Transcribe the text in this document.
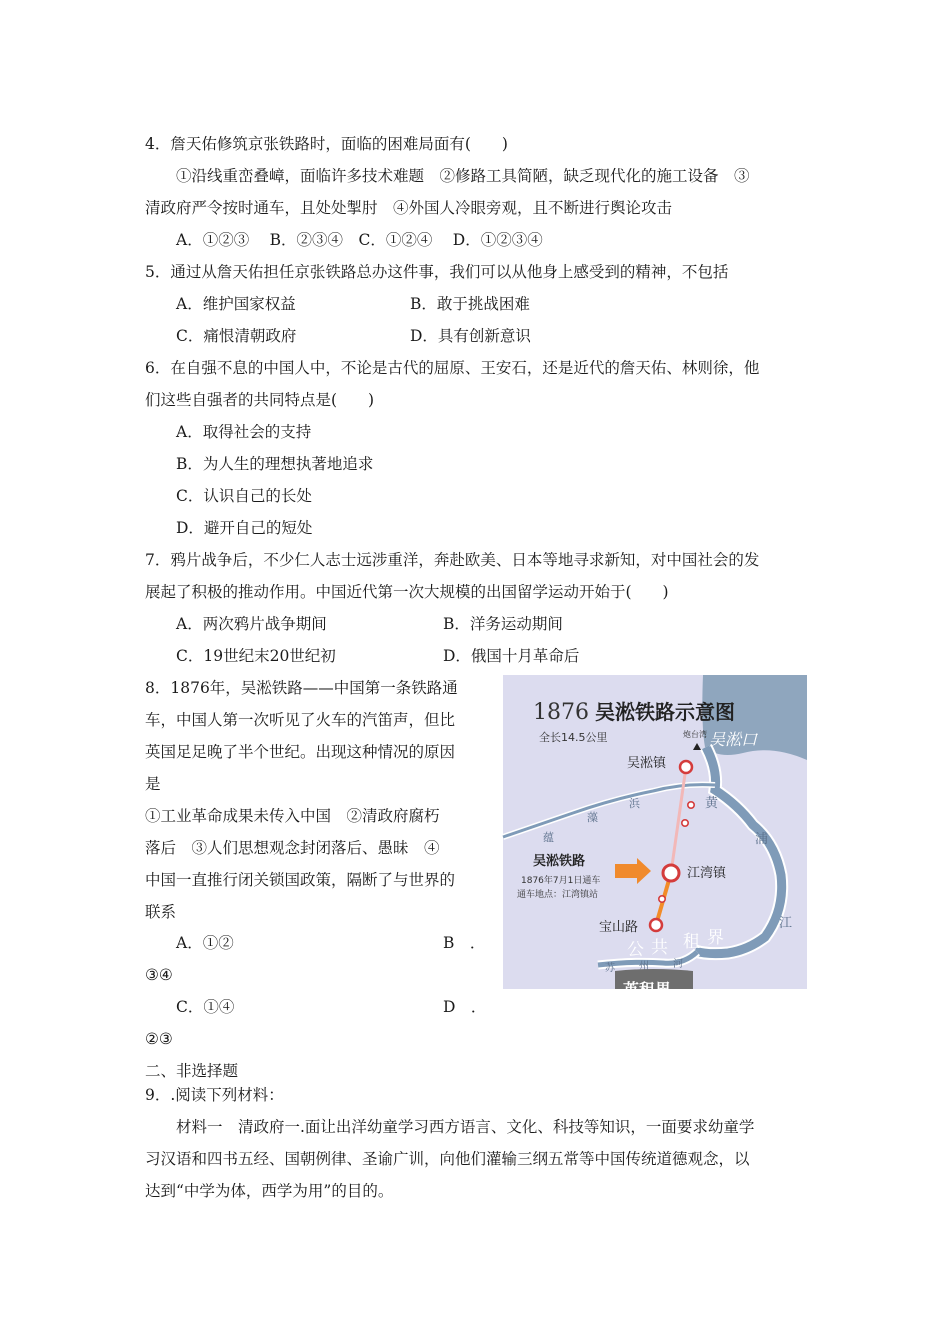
4．詹天佑修筑京张铁路时，面临的困难局面有(　　)
①沿线重峦叠嶂，面临许多技术难题　②修路工具简陋，缺乏现代化的施工设备　③
清政府严令按时通车，且处处掣肘　④外国人冷眼旁观，且不断进行舆论攻击
A．①②③　 B．②③④　C．①②④　 D．①②③④
5．通过从詹天佑担任京张铁路总办这件事，我们可以从他身上感受到的精神，不包括
A．维护国家权益	B．敢于挑战困难
C．痛恨清朝政府	D．具有创新意识
6．在自强不息的中国人中，不论是古代的屈原、王安石，还是近代的詹天佑、林则徐，他
们这些自强者的共同特点是(　　)
A．取得社会的支持
B．为人生的理想执著地追求
C．认识自己的长处
D．避开自己的短处
7．鸦片战争后，不少仁人志士远涉重洋，奔赴欧美、日本等地寻求新知，对中国社会的发
展起了积极的推动作用。中国近代第一次大规模的出国留学运动开始于(　　)
A．两次鸦片战争期间	B．洋务运动期间
C．19世纪末20世纪初	D．俄国十月革命后
8．1876年，吴淞铁路——中国第一条铁路通
车，中国人第一次听见了火车的汽笛声，但比
英国足足晚了半个世纪。出现这种情况的原因
是
①工业革命成果未传入中国　②清政府腐朽
落后　③人们思想观念封闭落后、愚昧　④
中国一直推行闭关锁国政策，隔断了与世界的
联系
A．①②	B　．
③④
C．①④	D　．
②③
1876 吴淞铁路示意图
全长14.5公里	炮台湾 吴淞口
吴淞镇
江湾镇
宝山路
蕴
藻
浜	黄
浦
江
吴淞铁路
1876年7月1日通车
通车地点：江湾镇站
公 共 租 界
苏 州 河
英租界
二、非选择题
9．.阅读下列材料：
材料一　清政府一.面让出洋幼童学习西方语言、文化、科技等知识，一面要求幼童学
习汉语和四书五经、国朝例律、圣谕广训，向他们灌输三纲五常等中国传统道德观念，以
达到“中学为体，西学为用”的目的。
